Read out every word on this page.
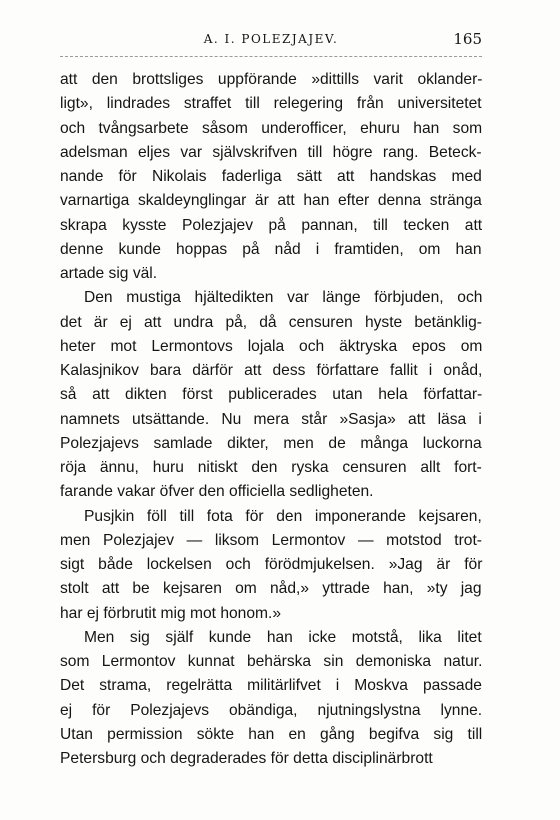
A. I. POLEZJAJEV.	165
att den brottsliges uppförande »dittills varit oklander-
ligt», lindrades straffet till relegering från universitetet
och tvångsarbete såsom underofficer, ehuru han som
adelsman eljes var självskrifven till högre rang. Beteck-
nande för Nikolais faderliga sätt att handskas med
varnartiga skaldeynglingar är att han efter denna stränga
skrapa kysste Polezjajev på pannan, till tecken att
denne kunde hoppas på nåd i framtiden, om han
artade sig väl.
Den mustiga hjältedikten var länge förbjuden, och
det är ej att undra på, då censuren hyste betänklig-
heter mot Lermontovs lojala och äktryska epos om
Kalasjnikov bara därför att dess författare fallit i onåd,
så att dikten först publicerades utan hela författar-
namnets utsättande. Nu mera står »Sasja» att läsa i
Polezjajevs samlade dikter, men de många luckorna
röja ännu, huru nitiskt den ryska censuren allt fort-
farande vakar öfver den officiella sedligheten.
Pusjkin föll till fota för den imponerande kejsaren,
men Polezjajev — liksom Lermontov — motstod trot-
sigt både lockelsen och förödmjukelsen. »Jag är för
stolt att be kejsaren om nåd,» yttrade han, »ty jag
har ej förbrutit mig mot honom.»
Men sig själf kunde han icke motstå, lika litet
som Lermontov kunnat behärska sin demoniska natur.
Det strama, regelrätta militärlifvet i Moskva passade
ej för Polezjajevs obändiga, njutningslystna lynne.
Utan permission sökte han en gång begifva sig till
Petersburg och degraderades för detta disciplinärbrott
